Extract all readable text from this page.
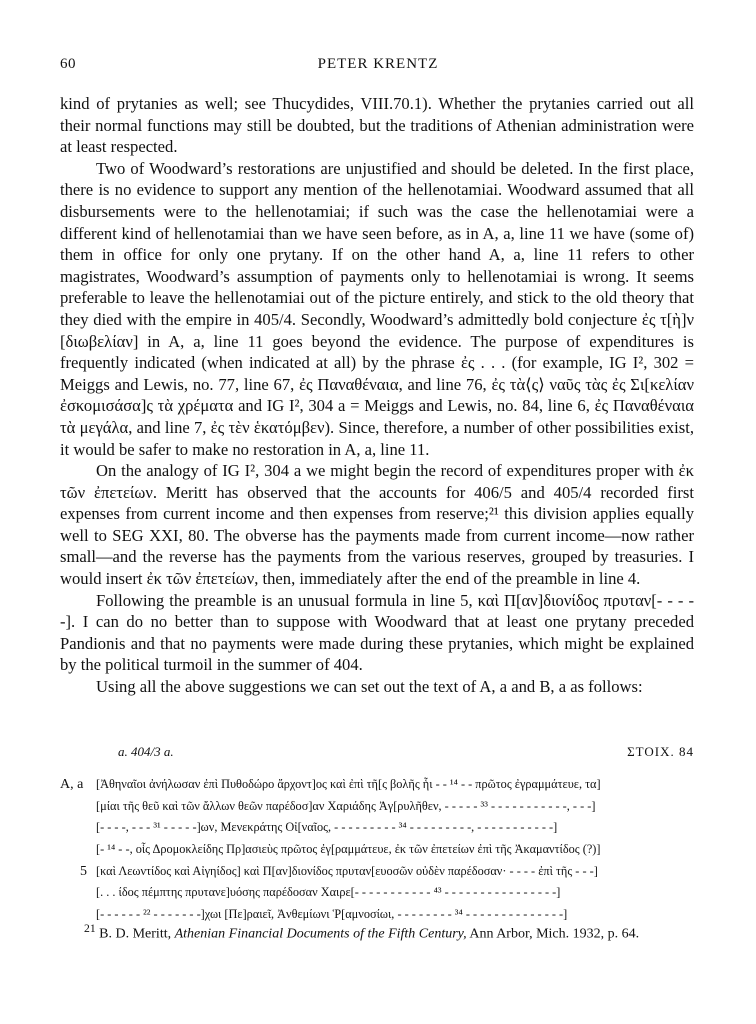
60	PETER KRENTZ

kind of prytanies as well; see Thucydides, VIII.70.1). Whether the prytanies carried out all their normal functions may still be doubted, but the traditions of Athenian administration were at least respected.

Two of Woodward’s restorations are unjustified and should be deleted. In the first place, there is no evidence to support any mention of the hellenotamiai. Woodward assumed that all disbursements were to the hellenotamiai; if such was the case the hellenotamiai were a different kind of hellenotamiai than we have seen before, as in A, a, line 11 we have (some of) them in office for only one prytany. If on the other hand A, a, line 11 refers to other magistrates, Woodward’s assumption of payments only to hellenotamiai is wrong. It seems preferable to leave the hellenotamiai out of the picture entirely, and stick to the old theory that they died with the empire in 405/4. Secondly, Woodward’s admittedly bold conjecture ἐς τ[ὴ]ν [διωβελίαν] in A, a, line 11 goes beyond the evidence. The purpose of expenditures is frequently indicated (when indicated at all) by the phrase ἐς . . . (for example, IG I², 302 = Meiggs and Lewis, no. 77, line 67, ἐς Παναθέναια, and line 76, ἐς τὰ⟨ς⟩ ναῦς τὰς ἐς Σι[κελίαν ἐσκομισάσα]ς τὰ χρέματα and IG I², 304 a = Meiggs and Lewis, no. 84, line 6, ἐς Παναθέναια τὰ μεγάλα, and line 7, ἐς τὲν ἑκατόμβεν). Since, therefore, a number of other possibilities exist, it would be safer to make no restoration in A, a, line 11.

On the analogy of IG I², 304 a we might begin the record of expenditures proper with ἐκ τῶν ἐπετείων. Meritt has observed that the accounts for 406/5 and 405/4 recorded first expenses from current income and then expenses from reserve;²¹ this division applies equally well to SEG XXI, 80. The obverse has the payments made from current income—now rather small—and the reverse has the payments from the various reserves, grouped by treasuries. I would insert ἐκ τῶν ἐπετείων, then, immediately after the end of the preamble in line 4.

Following the preamble is an unusual formula in line 5, καὶ Π[αν]διονίδος πρυταν[- - - - -]. I can do no better than to suppose with Woodward that at least one prytany preceded Pandionis and that no payments were made during these prytanies, which might be explained by the political turmoil in the summer of 404.

Using all the above suggestions we can set out the text of A, a and B, a as follows:

a. 404/3 a.	ΣΤΟΙΧ. 84
A, a	[Ἀθηναῖοι ἀνήλωσαν ἐπὶ Πυθοδώρο ἄρχοντ]ος καὶ ἐπὶ τῆ[ς βολῆς ἧι - - ¹⁴ - - πρῶτος ἐγραμμάτευε, τα]
[μίαι τῆς θεῦ καὶ τῶν ἄλλων θεῶν παρέδοσ]αν Χαριάδης Ἀγ[ρυλῆθεν, - - - - - ³³ - - - - - - - - - - -, - - -]
[- - - -, - - - ³¹ - - - - -]ων, Μενεκράτης Οἰ[ναῖος, - - - - - - - - - ³⁴ - - - - - - - - -, - - - - - - - - - - -]
[- ¹⁴ - -, οἷς Δρομοκλείδης Πρ]ασιεὺς πρῶτος ἐγ[ραμμάτευε, ἐκ τῶν ἐπετείων ἐπὶ τῆς Ἀκαμαντίδος (?)]
5 [καὶ Λεωντίδος καὶ Αἰγηίδος] καὶ Π[αν]διονίδος πρυταν[ευοσῶν οὐδὲν παρέδοσαν· - - - - ἐπὶ τῆς - - -]
[. . . ίδος πέμπτης πρυτανε]υόσης παρέδοσαν Χαιρε[- - - - - - - - - - - ⁴³ - - - - - - - - - - - - - - - -]
[- - - - - - ²² - - - - - - -]χωι [Πε]ραιεῖ, Ἀνθεμίωνι Ῥ[αμνοσίωι, - - - - - - - - ³⁴ - - - - - - - - - - - - - -]
$^{21}$ B. D. Meritt, Athenian Financial Documents of the Fifth Century, Ann Arbor, Mich. 1932, p. 64.
